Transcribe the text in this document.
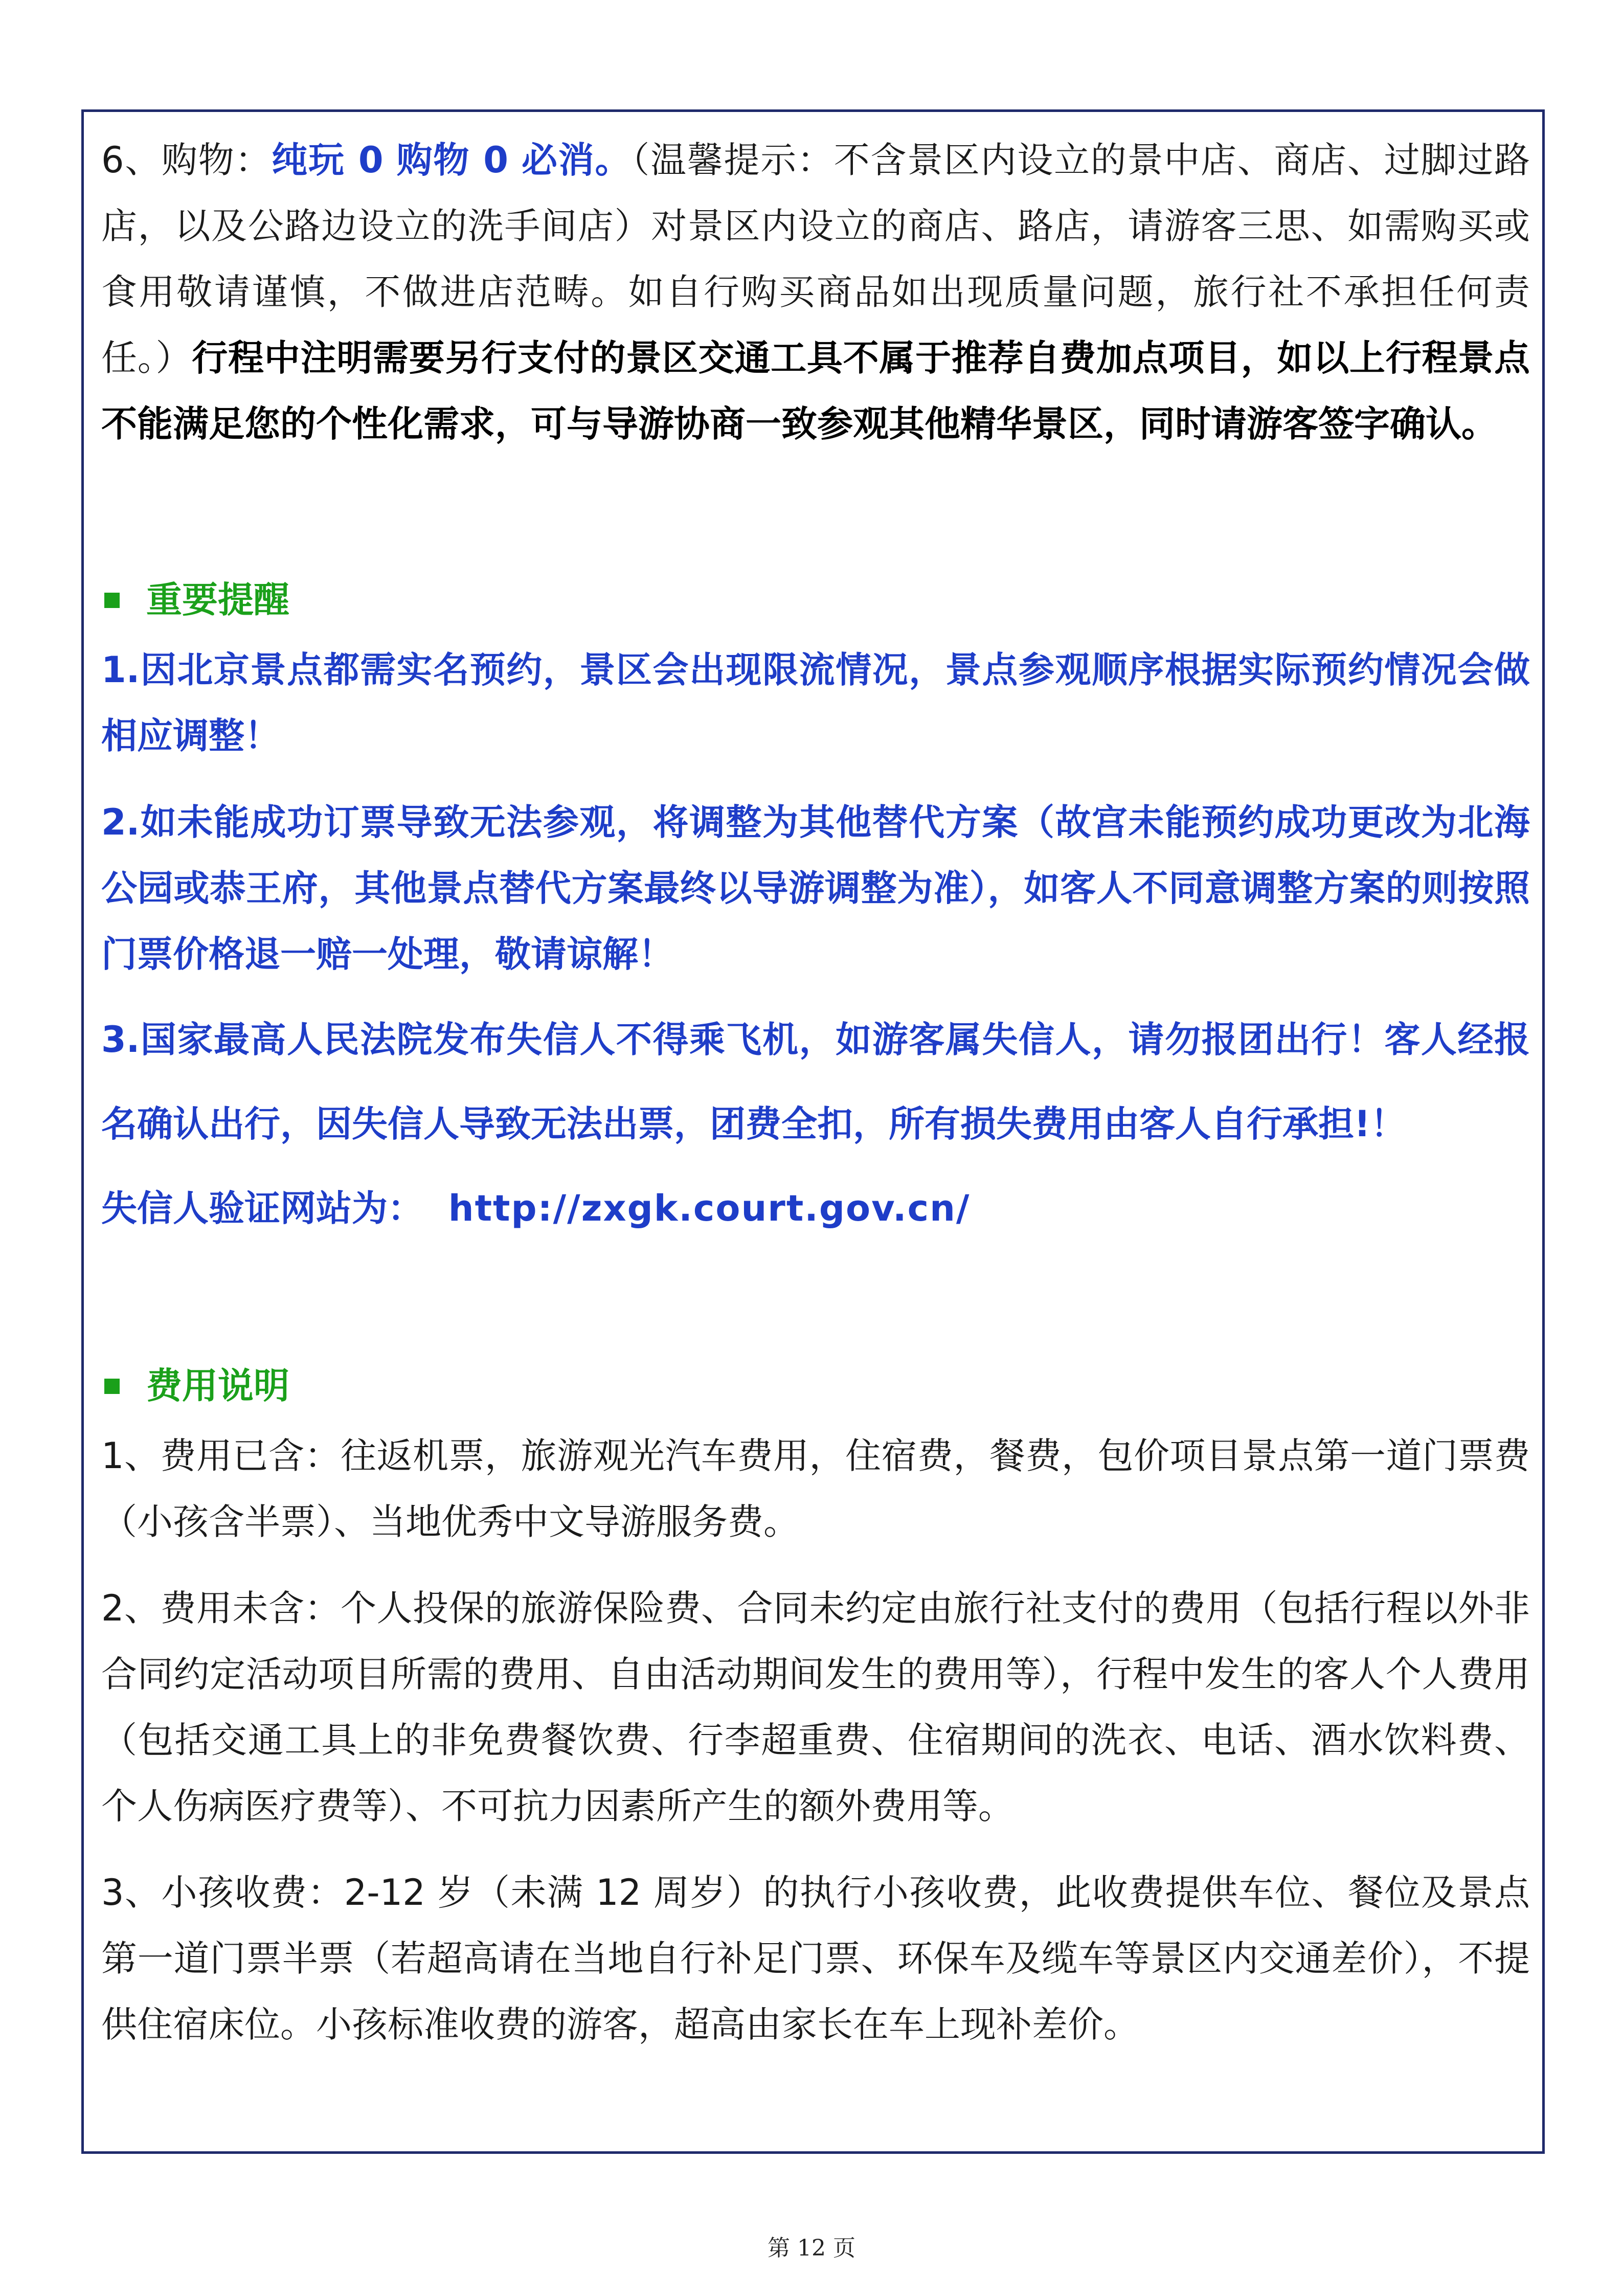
6、购物：纯玩 0 购物 0 必消。（温馨提示：不含景区内设立的景中店、商店、过脚过路店，以及公路边设立的洗手间店）对景区内设立的商店、路店，请游客三思、如需购买或食用敬请谨慎，不做进店范畴。如自行购买商品如出现质量问题，旅行社不承担任何责任。）行程中注明需要另行支付的景区交通工具不属于推荐自费加点项目，如以上行程景点不能满足您的个性化需求，可与导游协商一致参观其他精华景区，同时请游客签字确认。

重要提醒

1.因北京景点都需实名预约，景区会出现限流情况，景点参观顺序根据实际预约情况会做相应调整！

2.如未能成功订票导致无法参观，将调整为其他替代方案（故宫未能预约成功更改为北海公园或恭王府，其他景点替代方案最终以导游调整为准），如客人不同意调整方案的则按照门票价格退一赔一处理，敬请谅解！

3.国家最高人民法院发布失信人不得乘飞机，如游客属失信人，请勿报团出行！客人经报名确认出行，因失信人导致无法出票，团费全扣，所有损失费用由客人自行承担!！

失信人验证网站为： http://zxgk.court.gov.cn/

费用说明

1、费用已含：往返机票，旅游观光汽车费用，住宿费，餐费，包价项目景点第一道门票费（小孩含半票）、当地优秀中文导游服务费。

2、费用未含：个人投保的旅游保险费、合同未约定由旅行社支付的费用（包括行程以外非合同约定活动项目所需的费用、自由活动期间发生的费用等），行程中发生的客人个人费用（包括交通工具上的非免费餐饮费、行李超重费、住宿期间的洗衣、电话、酒水饮料费、个人伤病医疗费等）、不可抗力因素所产生的额外费用等。

3、小孩收费：2-12 岁（未满 12 周岁）的执行小孩收费，此收费提供车位、餐位及景点第一道门票半票（若超高请在当地自行补足门票、环保车及缆车等景区内交通差价），不提供住宿床位。小孩标准收费的游客，超高由家长在车上现补差价。

第 12 页
